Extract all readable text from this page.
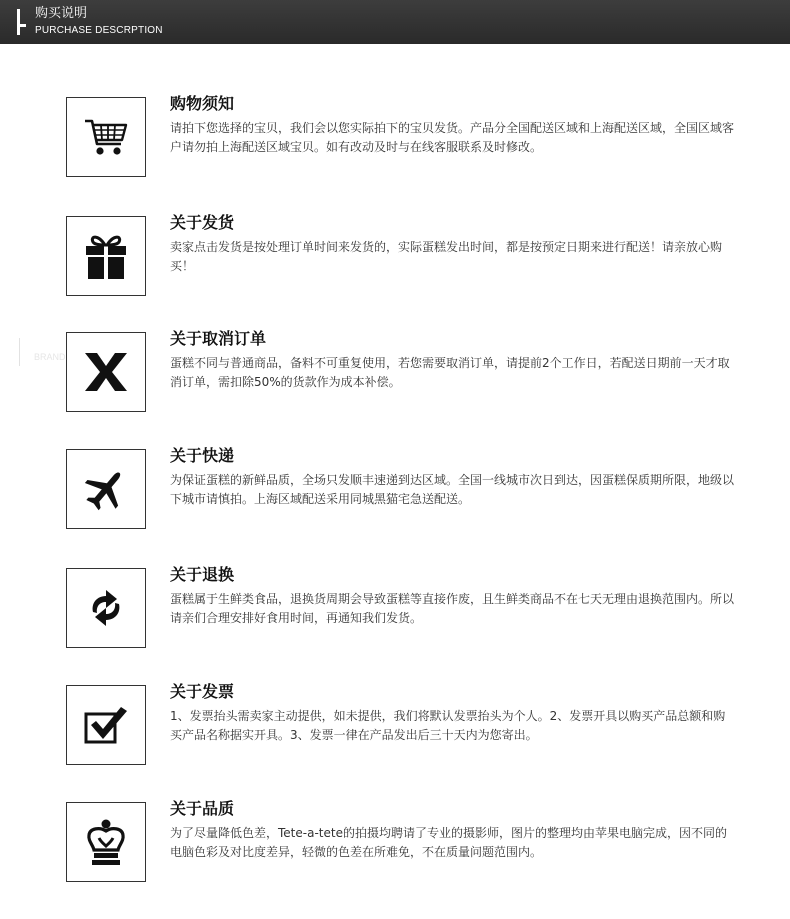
购买说明
PURCHASE DESCRPTION
BRAND
购物须知
请拍下您选择的宝贝，我们会以您实际拍下的宝贝发货。产品分全国配送区域和上海配送区域，全国区域客户请勿拍上海配送区域宝贝。如有改动及时与在线客服联系及时修改。
关于发货
卖家点击发货是按处理订单时间来发货的，实际蛋糕发出时间，都是按预定日期来进行配送！请亲放心购买！
关于取消订单
蛋糕不同与普通商品，备料不可重复使用，若您需要取消订单，请提前2个工作日，若配送日期前一天才取消订单，需扣除50%的货款作为成本补偿。
关于快递
为保证蛋糕的新鲜品质，全场只发顺丰速递到达区域。全国一线城市次日到达，因蛋糕保质期所限，地级以下城市请慎拍。上海区域配送采用同城黑猫宅急送配送。
关于退换
蛋糕属于生鲜类食品，退换货周期会导致蛋糕等直接作废，且生鲜类商品不在七天无理由退换范围内。所以请亲们合理安排好食用时间，再通知我们发货。
关于发票
1、发票抬头需卖家主动提供，如未提供，我们将默认发票抬头为个人。2、发票开具以购买产品总额和购买产品名称据实开具。3、发票一律在产品发出后三十天内为您寄出。
关于品质
为了尽量降低色差，Tete-a-tete的拍摄均聘请了专业的摄影师，图片的整理均由苹果电脑完成，因不同的电脑色彩及对比度差异，轻微的色差在所难免，不在质量问题范围内。
